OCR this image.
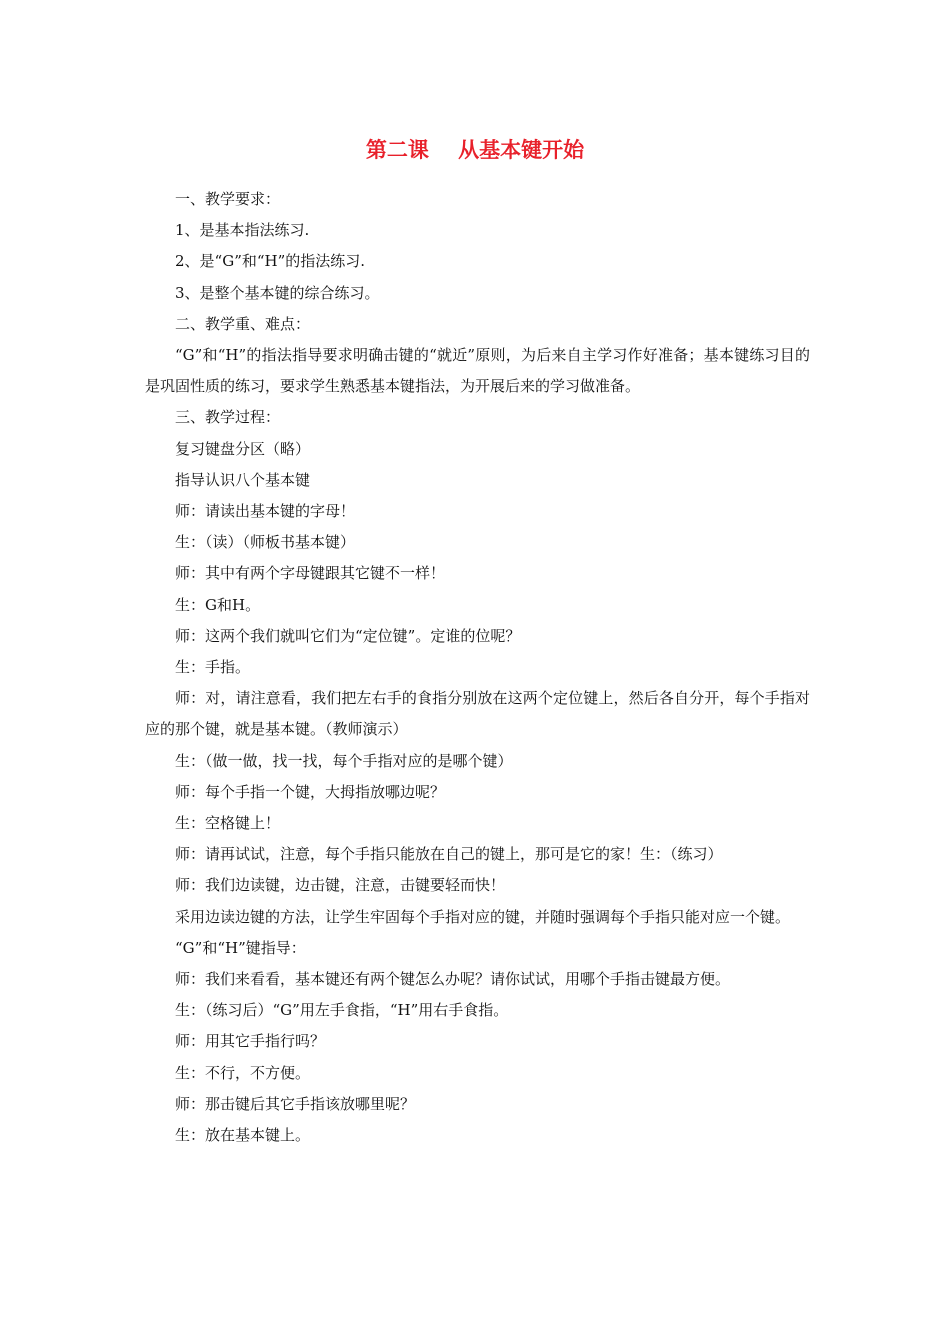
第二课    从基本键开始

一、教学要求：

1、是基本指法练习.

2、是“G”和“H”的指法练习.

3、是整个基本键的综合练习。

二、教学重、难点：

“G”和“H”的指法指导要求明确击键的“就近”原则，为后来自主学习作好准备；基本键练习目的是巩固性质的练习，要求学生熟悉基本键指法，为开展后来的学习做准备。

三、教学过程：

复习键盘分区（略）

指导认识八个基本键

师：请读出基本键的字母！

生：（读）（师板书基本键）

师：其中有两个字母键跟其它键不一样！

生：G和H。

师：这两个我们就叫它们为“定位键”。定谁的位呢？

生：手指。

师：对，请注意看，我们把左右手的食指分别放在这两个定位键上，然后各自分开，每个手指对应的那个键，就是基本键。（教师演示）

生：（做一做，找一找，每个手指对应的是哪个键）

师：每个手指一个键，大拇指放哪边呢？

生：空格键上！

师：请再试试，注意，每个手指只能放在自己的键上，那可是它的家！生：（练习）

师：我们边读键，边击键，注意，击键要轻而快！

采用边读边键的方法，让学生牢固每个手指对应的键，并随时强调每个手指只能对应一个键。

“G”和“H”键指导：

师：我们来看看，基本键还有两个键怎么办呢？请你试试，用哪个手指击键最方便。

生：（练习后）“G”用左手食指，“H”用右手食指。

师：用其它手指行吗？

生：不行，不方便。

师：那击键后其它手指该放哪里呢？

生：放在基本键上。
